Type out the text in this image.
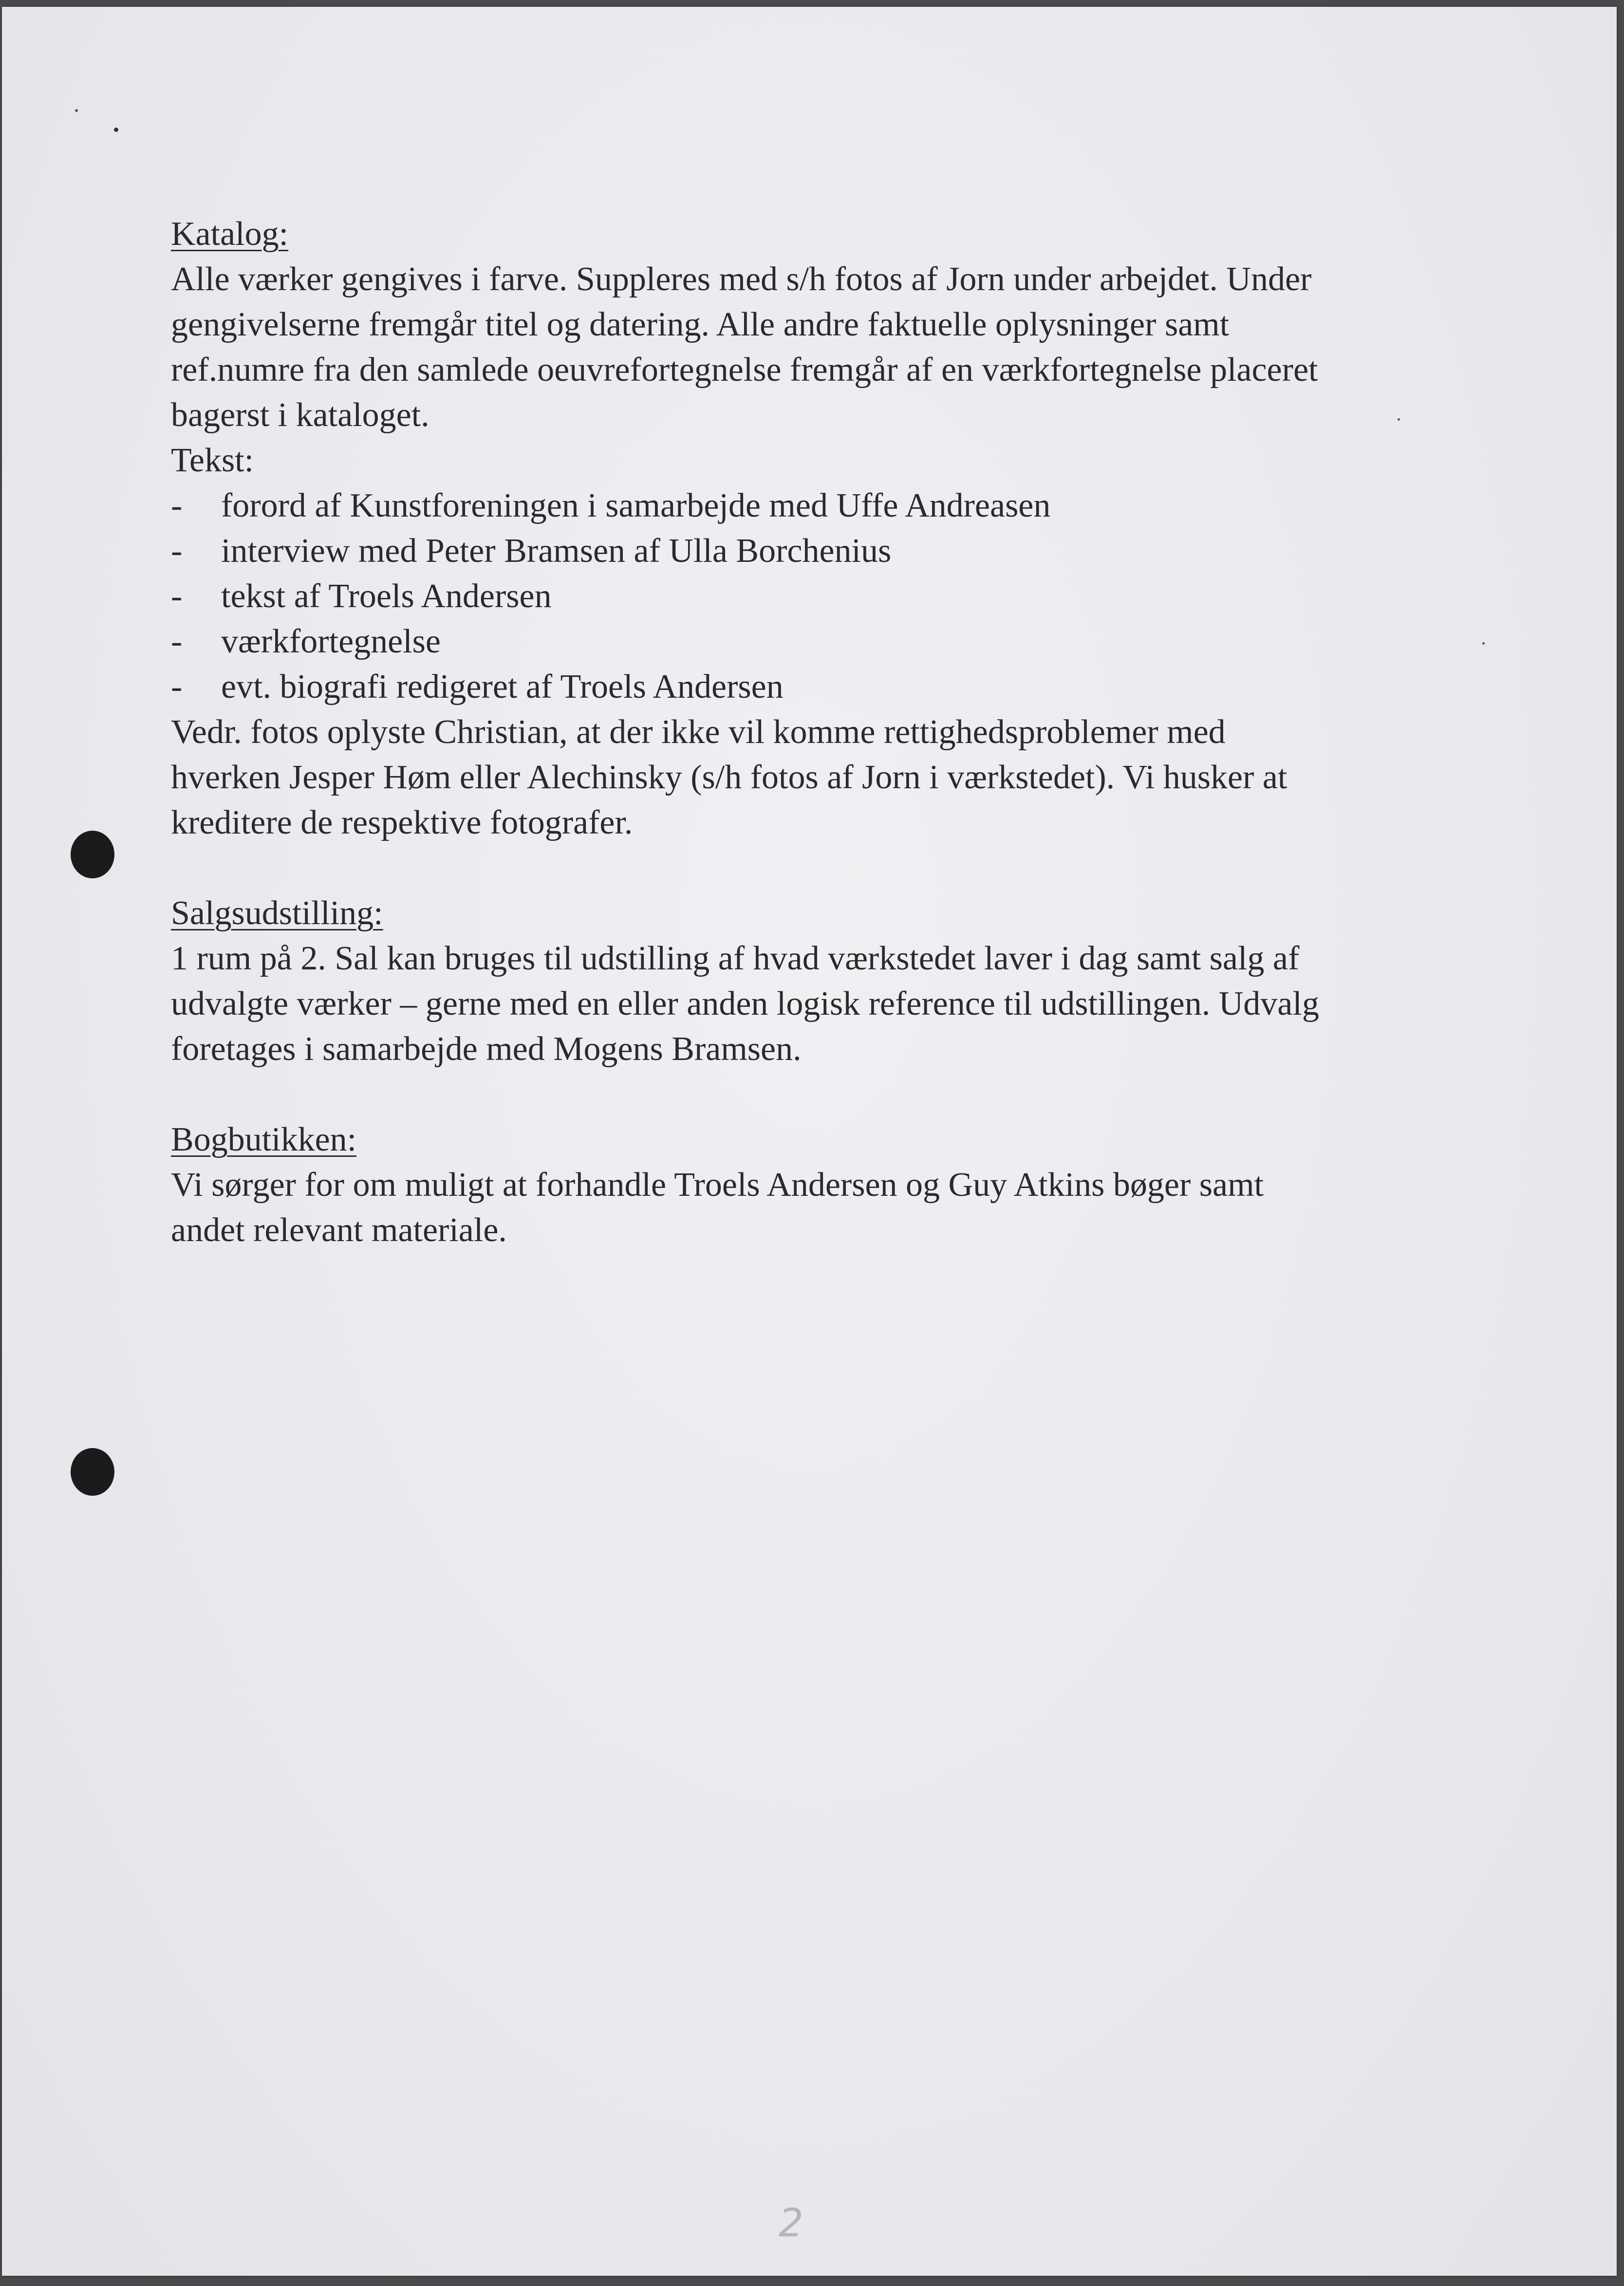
Katalog:
Alle værker gengives i farve. Suppleres med s/h fotos af Jorn under arbejdet. Under
gengivelserne fremgår titel og datering. Alle andre faktuelle oplysninger samt
ref.numre fra den samlede oeuvrefortegnelse fremgår af en værkfortegnelse placeret
bagerst i kataloget.
Tekst:
- forord af Kunstforeningen i samarbejde med Uffe Andreasen
- interview med Peter Bramsen af Ulla Borchenius
- tekst af Troels Andersen
- værkfortegnelse
- evt. biografi redigeret af Troels Andersen
Vedr. fotos oplyste Christian, at der ikke vil komme rettighedsproblemer med
hverken Jesper Høm eller Alechinsky (s/h fotos af Jorn i værkstedet). Vi husker at
kreditere de respektive fotografer.
Salgsudstilling:
1 rum på 2. Sal kan bruges til udstilling af hvad værkstedet laver i dag samt salg af
udvalgte værker – gerne med en eller anden logisk reference til udstillingen. Udvalg
foretages i samarbejde med Mogens Bramsen.
Bogbutikken:
Vi sørger for om muligt at forhandle Troels Andersen og Guy Atkins bøger samt
andet relevant materiale.
2
